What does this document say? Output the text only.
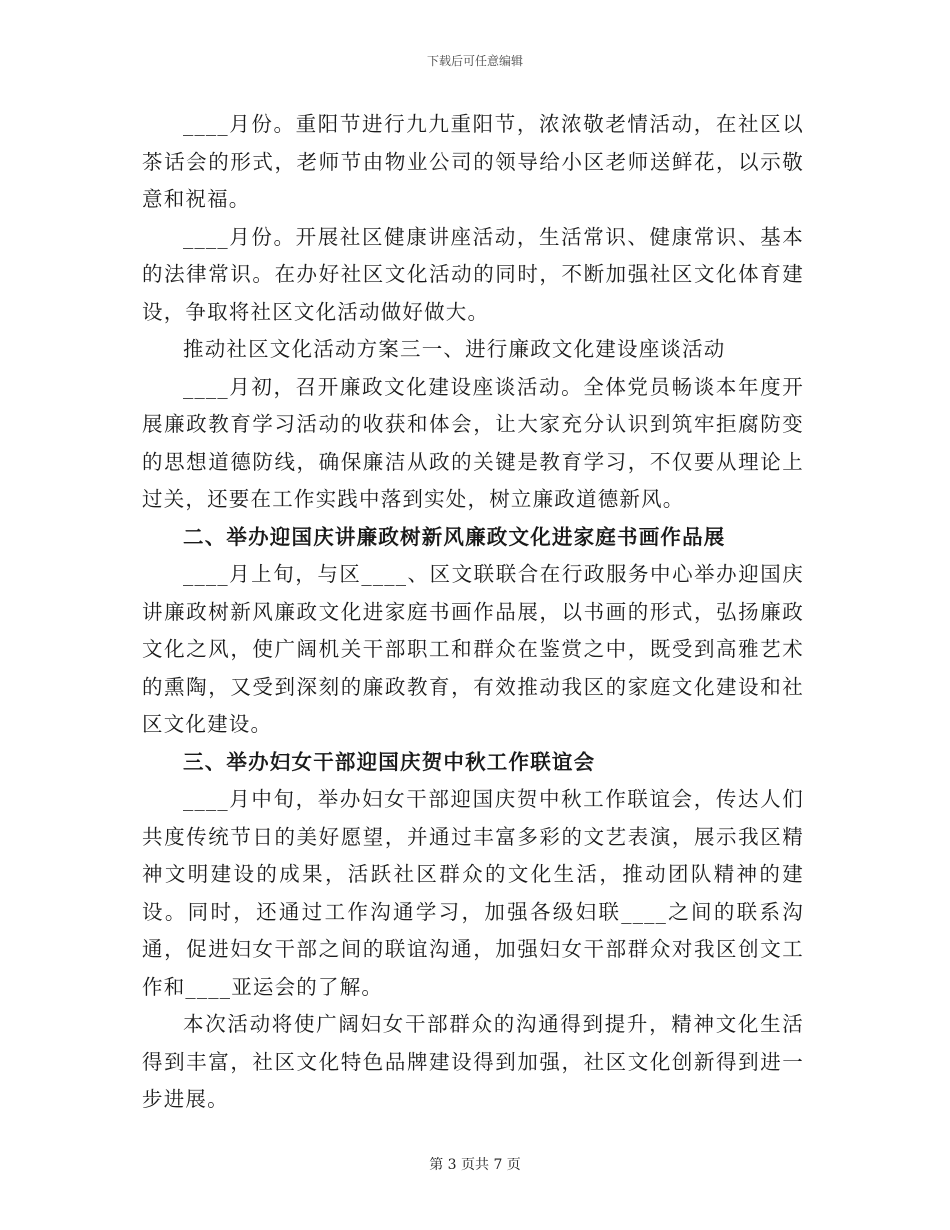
下载后可任意编辑

____月份。重阳节进行九九重阳节，浓浓敬老情活动，在社区以茶话会的形式，老师节由物业公司的领导给小区老师送鲜花，以示敬意和祝福。

____月份。开展社区健康讲座活动，生活常识、健康常识、基本的法律常识。在办好社区文化活动的同时，不断加强社区文化体育建设，争取将社区文化活动做好做大。

推动社区文化活动方案三一、进行廉政文化建设座谈活动

____月初，召开廉政文化建设座谈活动。全体党员畅谈本年度开展廉政教育学习活动的收获和体会，让大家充分认识到筑牢拒腐防变的思想道德防线，确保廉洁从政的关键是教育学习，不仅要从理论上过关，还要在工作实践中落到实处，树立廉政道德新风。

二、举办迎国庆讲廉政树新风廉政文化进家庭书画作品展

____月上旬，与区____、区文联联合在行政服务中心举办迎国庆讲廉政树新风廉政文化进家庭书画作品展，以书画的形式，弘扬廉政文化之风，使广阔机关干部职工和群众在鉴赏之中，既受到高雅艺术的熏陶，又受到深刻的廉政教育，有效推动我区的家庭文化建设和社区文化建设。

三、举办妇女干部迎国庆贺中秋工作联谊会

____月中旬，举办妇女干部迎国庆贺中秋工作联谊会，传达人们共度传统节日的美好愿望，并通过丰富多彩的文艺表演，展示我区精神文明建设的成果，活跃社区群众的文化生活，推动团队精神的建设。同时，还通过工作沟通学习，加强各级妇联____之间的联系沟通，促进妇女干部之间的联谊沟通，加强妇女干部群众对我区创文工作和____亚运会的了解。

本次活动将使广阔妇女干部群众的沟通得到提升，精神文化生活得到丰富，社区文化特色品牌建设得到加强，社区文化创新得到进一步进展。

第 3 页共 7 页
